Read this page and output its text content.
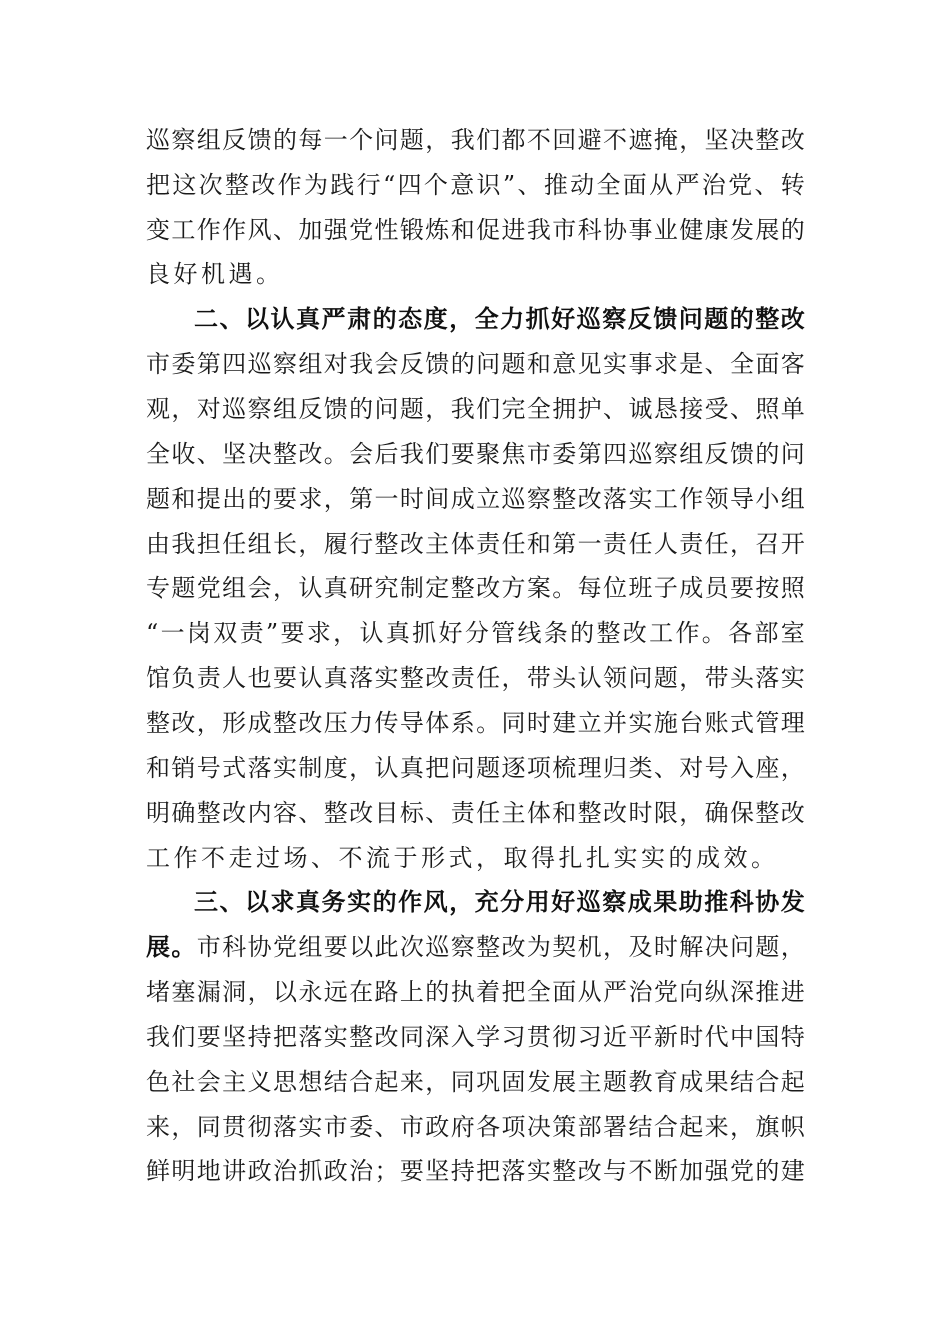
巡察组反馈的每一个问题，我们都不回避不遮掩，坚决整改
把这次整改作为践行“四个意识”、推动全面从严治党、转
变工作作风、加强党性锻炼和促进我市科协事业健康发展的
良好机遇。
二、以认真严肃的态度，全力抓好巡察反馈问题的整改
市委第四巡察组对我会反馈的问题和意见实事求是、全面客
观，对巡察组反馈的问题，我们完全拥护、诚恳接受、照单
全收、坚决整改。会后我们要聚焦市委第四巡察组反馈的问
题和提出的要求，第一时间成立巡察整改落实工作领导小组
由我担任组长，履行整改主体责任和第一责任人责任，召开
专题党组会，认真研究制定整改方案。每位班子成员要按照
“一岗双责”要求，认真抓好分管线条的整改工作。各部室
馆负责人也要认真落实整改责任，带头认领问题，带头落实
整改，形成整改压力传导体系。同时建立并实施台账式管理
和销号式落实制度，认真把问题逐项梳理归类、对号入座，
明确整改内容、整改目标、责任主体和整改时限，确保整改
工作不走过场、不流于形式，取得扎扎实实的成效。
三、以求真务实的作风，充分用好巡察成果助推科协发
展。市科协党组要以此次巡察整改为契机，及时解决问题，
堵塞漏洞，以永远在路上的执着把全面从严治党向纵深推进
我们要坚持把落实整改同深入学习贯彻习近平新时代中国特
色社会主义思想结合起来，同巩固发展主题教育成果结合起
来，同贯彻落实市委、市政府各项决策部署结合起来，旗帜
鲜明地讲政治抓政治；要坚持把落实整改与不断加强党的建
